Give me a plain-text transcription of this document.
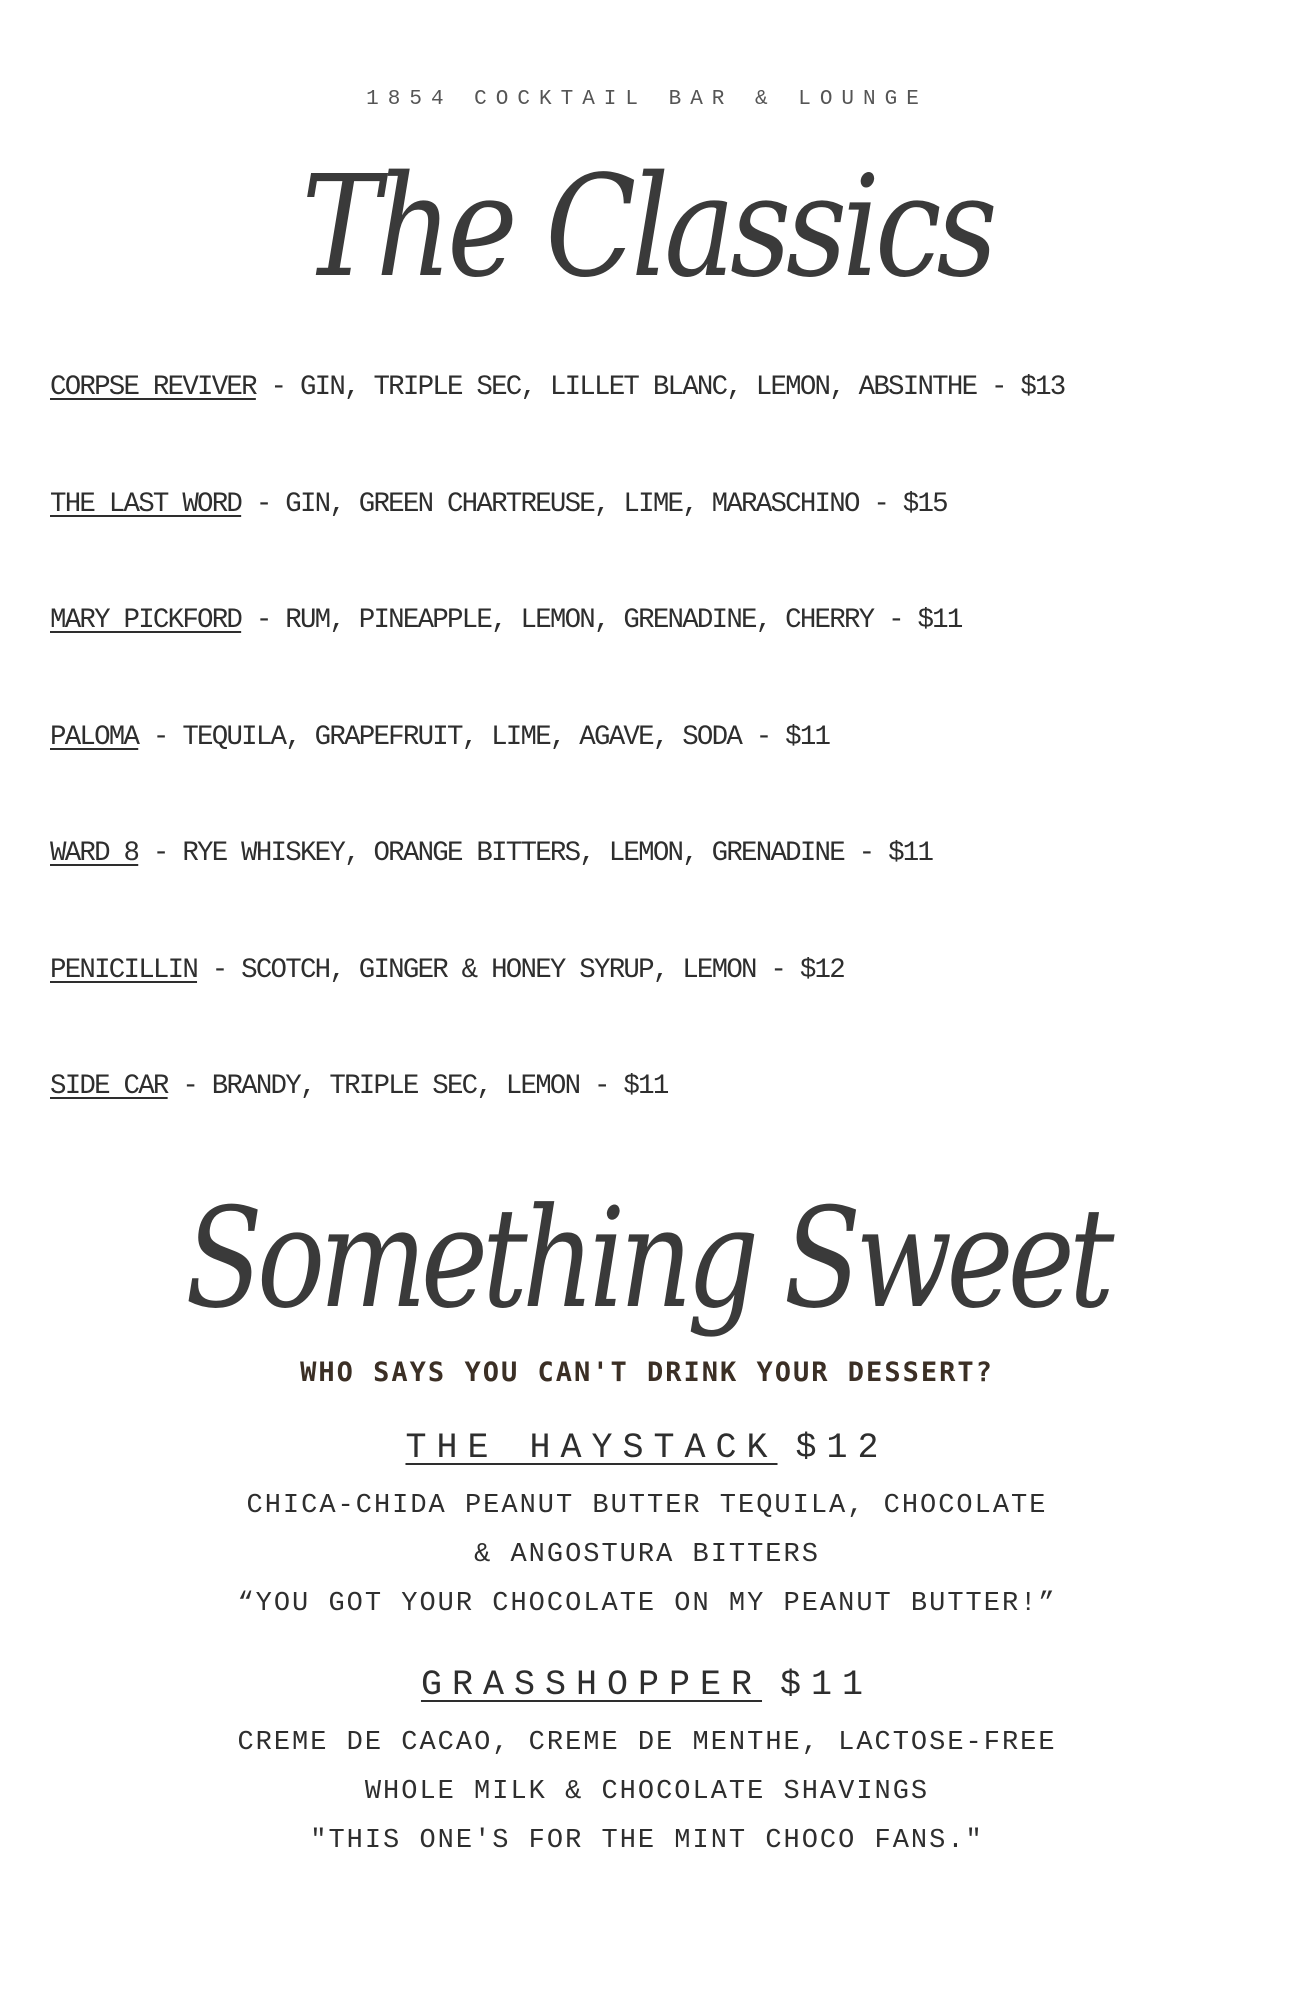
1854 COCKTAIL BAR & LOUNGE
The Classics
CORPSE REVIVER - GIN, TRIPLE SEC, LILLET BLANC, LEMON, ABSINTHE - $13
THE LAST WORD - GIN, GREEN CHARTREUSE, LIME, MARASCHINO - $15
MARY PICKFORD - RUM, PINEAPPLE, LEMON, GRENADINE, CHERRY - $11
PALOMA - TEQUILA, GRAPEFRUIT, LIME, AGAVE, SODA - $11
WARD 8 - RYE WHISKEY, ORANGE BITTERS, LEMON, GRENADINE - $11
PENICILLIN - SCOTCH, GINGER & HONEY SYRUP, LEMON - $12
SIDE CAR - BRANDY, TRIPLE SEC, LEMON - $11
Something Sweet
WHO SAYS YOU CAN'T DRINK YOUR DESSERT?
THE HAYSTACK $12
CHICA-CHIDA PEANUT BUTTER TEQUILA, CHOCOLATE
& ANGOSTURA BITTERS
“YOU GOT YOUR CHOCOLATE ON MY PEANUT BUTTER!”
GRASSHOPPER $11
CREME DE CACAO, CREME DE MENTHE, LACTOSE-FREE
WHOLE MILK & CHOCOLATE SHAVINGS
"THIS ONE'S FOR THE MINT CHOCO FANS."
